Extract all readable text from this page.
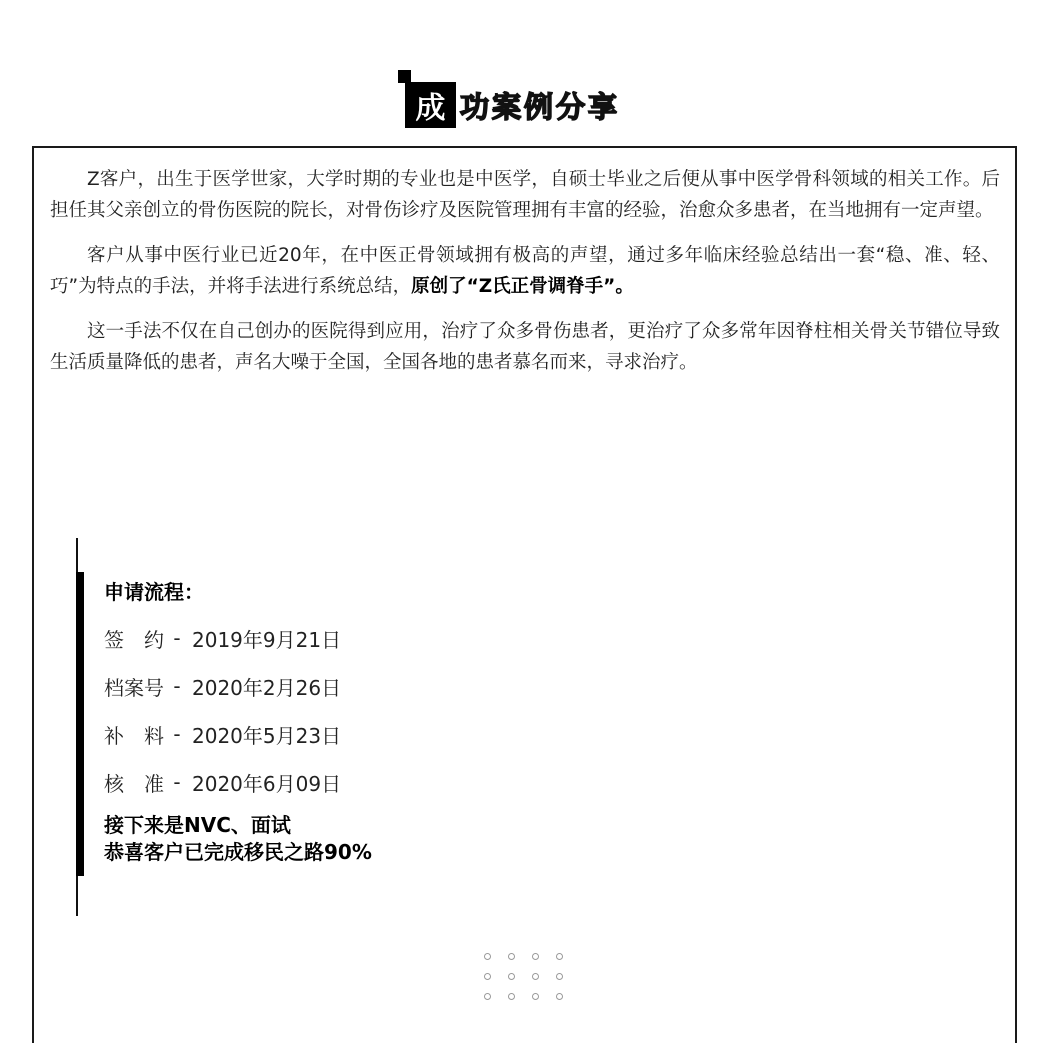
成 功案例分享

Z客户，出生于医学世家，大学时期的专业也是中医学，自硕士毕业之后便从事中医学骨科领域的相关工作。后担任其父亲创立的骨伤医院的院长，对骨伤诊疗及医院管理拥有丰富的经验，治愈众多患者，在当地拥有一定声望。

客户从事中医行业已近20年，在中医正骨领域拥有极高的声望，通过多年临床经验总结出一套“稳、准、轻、巧”为特点的手法，并将手法进行系统总结，原创了“Z氏正骨调脊手”。

这一手法不仅在自己创办的医院得到应用，治疗了众多骨伤患者，更治疗了众多常年因脊柱相关骨关节错位导致生活质量降低的患者，声名大噪于全国，全国各地的患者慕名而来，寻求治疗。

申请流程：
签　约 - 2019年9月21日
档案号 - 2020年2月26日
补　料 - 2020年5月23日
核　准 - 2020年6月09日
接下来是NVC、面试
恭喜客户已完成移民之路90%
